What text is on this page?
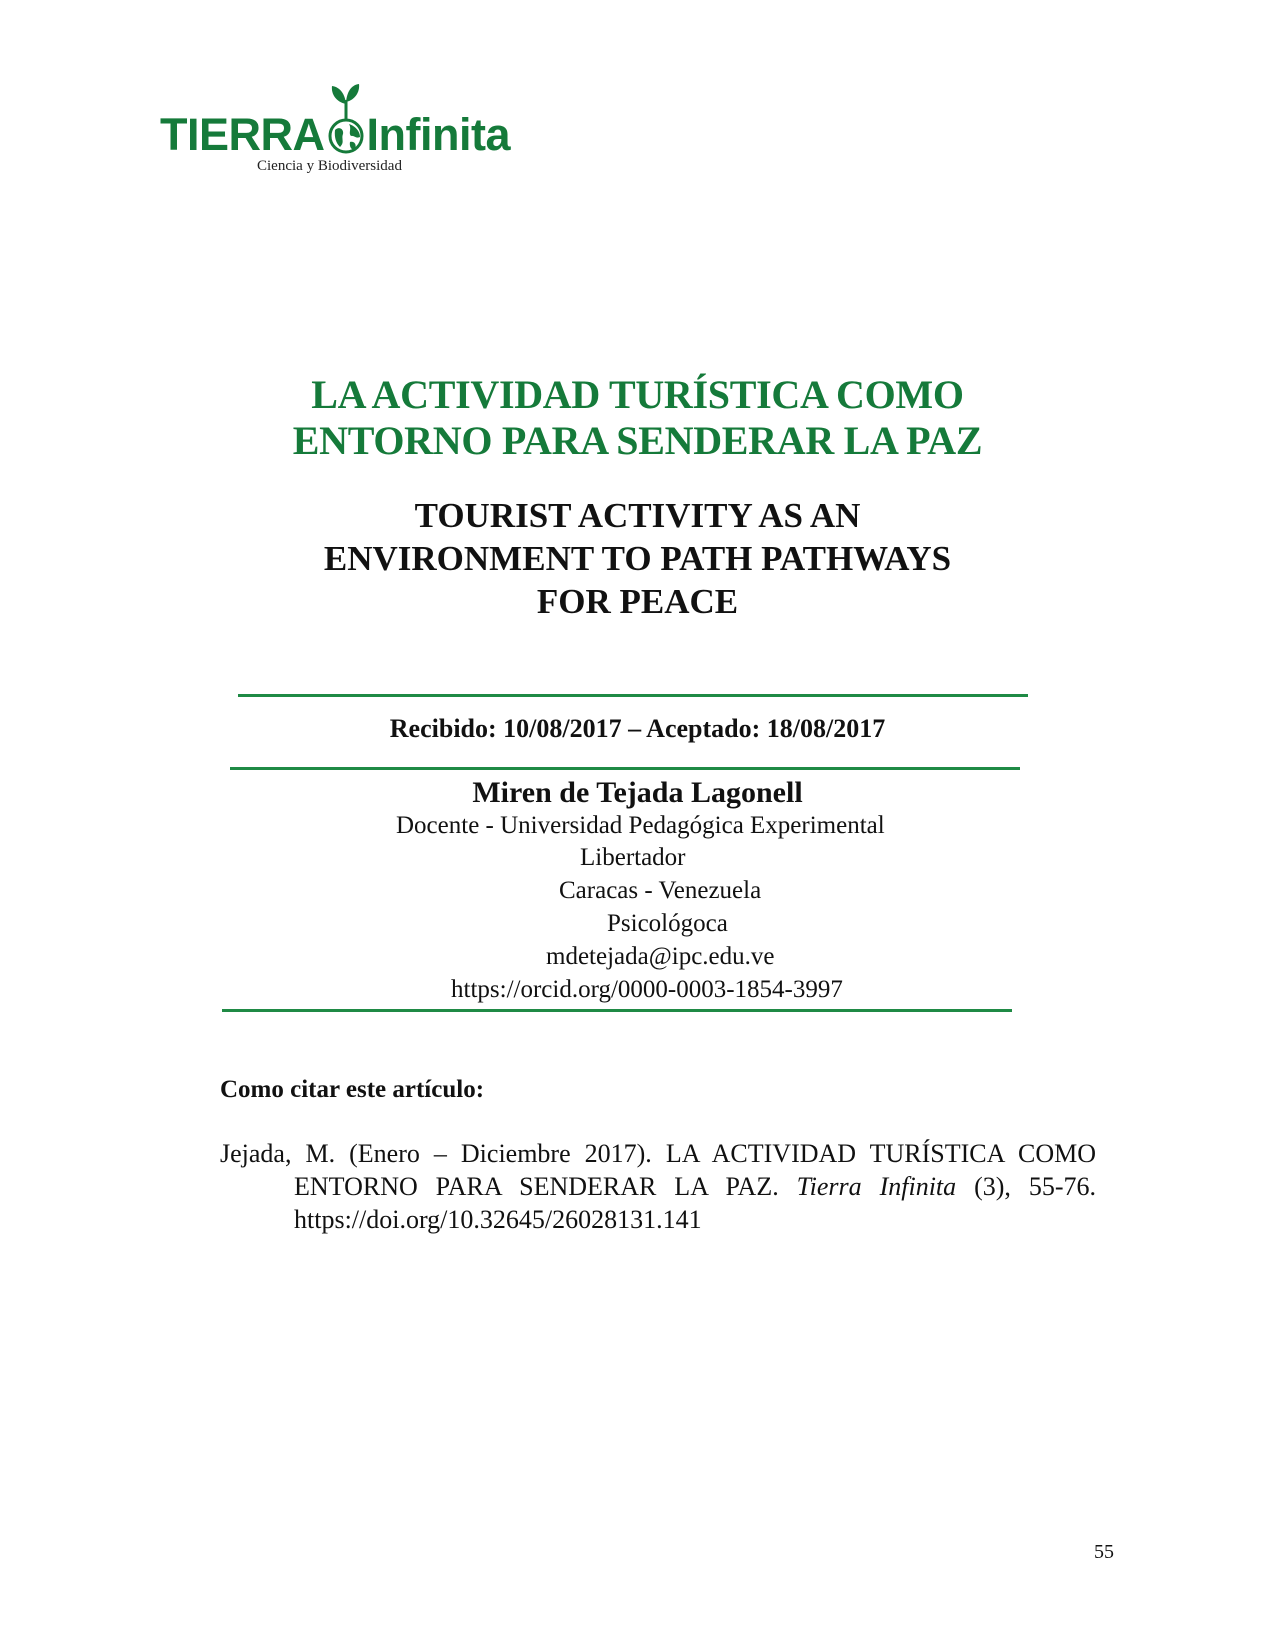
TIERRA Infinita
Ciencia y Biodiversidad
LA ACTIVIDAD TURÍSTICA COMO
ENTORNO PARA SENDERAR LA PAZ
TOURIST ACTIVITY AS AN
ENVIRONMENT TO PATH PATHWAYS
FOR PEACE
Recibido: 10/08/2017 – Aceptado: 18/08/2017
Miren de Tejada Lagonell
Docente - Universidad Pedagógica Experimental
Libertador
Caracas - Venezuela
Psicológoca
mdetejada@ipc.edu.ve
https://orcid.org/0000-0003-1854-3997
Como citar este artículo:
Jejada, M. (Enero – Diciembre 2017). LA ACTIVIDAD TURÍSTICA COMO ENTORNO PARA SENDERAR LA PAZ. Tierra Infinita (3), 55-76. https://doi.org/10.32645/26028131.141
55
